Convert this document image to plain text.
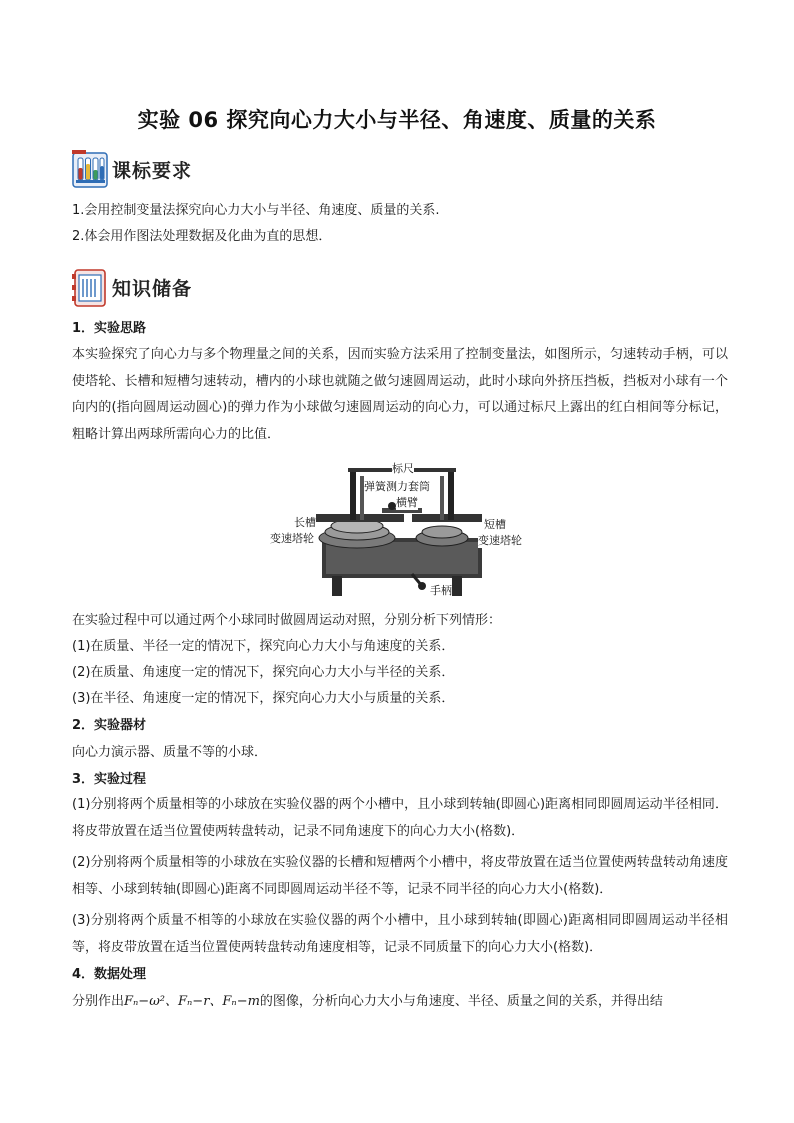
实验 06 探究向心力大小与半径、角速度、质量的关系
课标要求
1.会用控制变量法探究向心力大小与半径、角速度、质量的关系.
2.体会用作图法处理数据及化曲为直的思想．
知识储备
1．实验思路
本实验探究了向心力与多个物理量之间的关系，因而实验方法采用了控制变量法，如图所示，匀速转动手柄，可以使塔轮、长槽和短槽匀速转动，槽内的小球也就随之做匀速圆周运动，此时小球向外挤压挡板，挡板对小球有一个向内的(指向圆周运动圆心)的弹力作为小球做匀速圆周运动的向心力，可以通过标尺上露出的红白相间等分标记，粗略计算出两球所需向心力的比值．
标尺
弹簧测力套筒
横臂
长槽
变速塔轮
短槽
变速塔轮
手柄
在实验过程中可以通过两个小球同时做圆周运动对照，分别分析下列情形：
(1)在质量、半径一定的情况下，探究向心力大小与角速度的关系．
(2)在质量、角速度一定的情况下，探究向心力大小与半径的关系．
(3)在半径、角速度一定的情况下，探究向心力大小与质量的关系．
2．实验器材
向心力演示器、质量不等的小球．
3．实验过程
(1)分别将两个质量相等的小球放在实验仪器的两个小槽中，且小球到转轴(即圆心)距离相同即圆周运动半径相同．将皮带放置在适当位置使两转盘转动，记录不同角速度下的向心力大小(格数)．
(2)分别将两个质量相等的小球放在实验仪器的长槽和短槽两个小槽中，将皮带放置在适当位置使两转盘转动角速度相等、小球到转轴(即圆心)距离不同即圆周运动半径不等，记录不同半径的向心力大小(格数)．
(3)分别将两个质量不相等的小球放在实验仪器的两个小槽中，且小球到转轴(即圆心)距离相同即圆周运动半径相等，将皮带放置在适当位置使两转盘转动角速度相等，记录不同质量下的向心力大小(格数)．
4．数据处理
分别作出Fₙ−ω²、Fₙ−r、Fₙ−m的图像，分析向心力大小与角速度、半径、质量之间的关系，并得出结
